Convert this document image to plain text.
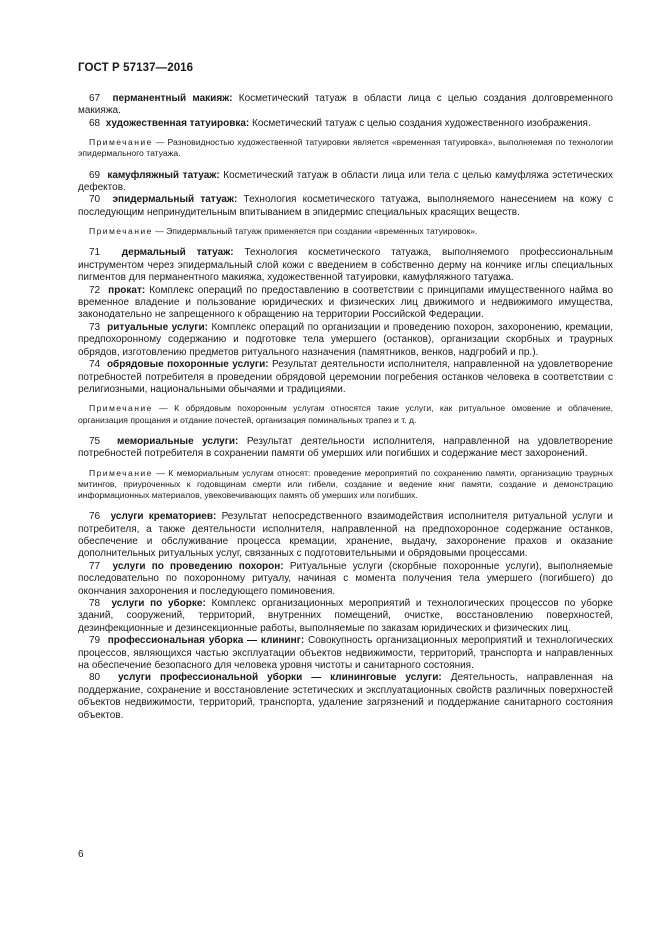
ГОСТ Р 57137—2016

67 перманентный макияж: Косметический татуаж в области лица с целью создания долговременного макияжа.

68 художественная татуировка: Косметический татуаж с целью создания художественного изображения.

Примечание — Разновидностью художественной татуировки является «временная татуировка», выполняемая по технологии эпидермального татуажа.

69 камуфляжный татуаж: Косметический татуаж в области лица или тела с целью камуфляжа эстетических дефектов.

70 эпидермальный татуаж: Технология косметического татуажа, выполняемого нанесением на кожу с последующим непринудительным впитыванием в эпидермис специальных красящих веществ.

Примечание — Эпидермальный татуаж применяется при создании «временных татуировок».

71 дермальный татуаж: Технология косметического татуажа, выполняемого профессиональным инструментом через эпидермальный слой кожи с введением в собственно дерму на кончике иглы специальных пигментов для перманентного макияжа, художественной татуировки, камуфляжного татуажа.

72 прокат: Комплекс операций по предоставлению в соответствии с принципами имущественного найма во временное владение и пользование юридических и физических лиц движимого и недвижимого имущества, законодательно не запрещенного к обращению на территории Российской Федерации.

73 ритуальные услуги: Комплекс операций по организации и проведению похорон, захоронению, кремации, предпохоронному содержанию и подготовке тела умершего (останков), организации скорбных и траурных обрядов, изготовлению предметов ритуального назначения (памятников, венков, надгробий и пр.).

74 обрядовые похоронные услуги: Результат деятельности исполнителя, направленной на удовлетворение потребностей потребителя в проведении обрядовой церемонии погребения останков человека в соответствии с религиозными, национальными обычаями и традициями.

Примечание — К обрядовым похоронным услугам относятся такие услуги, как ритуальное омовение и облачение, организация прощания и отдание почестей, организация поминальных трапез и т. д.

75 мемориальные услуги: Результат деятельности исполнителя, направленной на удовлетворение потребностей потребителя в сохранении памяти об умерших или погибших и содержание мест захоронений.

Примечание — К мемориальным услугам относят: проведение мероприятий по сохранению памяти, организацию траурных митингов, приуроченных к годовщинам смерти или гибели, создание и ведение книг памяти, создание и демонстрацию информационных материалов, увековечивающих память об умерших или погибших.

76 услуги крематориев: Результат непосредственного взаимодействия исполнителя ритуальной услуги и потребителя, а также деятельности исполнителя, направленной на предпохоронное содержание останков, обеспечение и обслуживание процесса кремации, хранение, выдачу, захоронение прахов и оказание дополнительных ритуальных услуг, связанных с подготовительными и обрядовыми процессами.

77 услуги по проведению похорон: Ритуальные услуги (скорбные похоронные услуги), выполняемые последовательно по похоронному ритуалу, начиная с момента получения тела умершего (погибшего) до окончания захоронения и последующего поминовения.

78 услуги по уборке: Комплекс организационных мероприятий и технологических процессов по уборке зданий, сооружений, территорий, внутренних помещений, очистке, восстановлению поверхностей, дезинфекционные и дезинсекционные работы, выполняемые по заказам юридических и физических лиц.

79 профессиональная уборка — клининг: Совокупность организационных мероприятий и технологических процессов, являющихся частью эксплуатации объектов недвижимости, территорий, транспорта и направленных на обеспечение безопасного для человека уровня чистоты и санитарного состояния.

80 услуги профессиональной уборки — клининговые услуги: Деятельность, направленная на поддержание, сохранение и восстановление эстетических и эксплуатационных свойств различных поверхностей объектов недвижимости, территорий, транспорта, удаление загрязнений и поддержание санитарного состояния объектов.

6
